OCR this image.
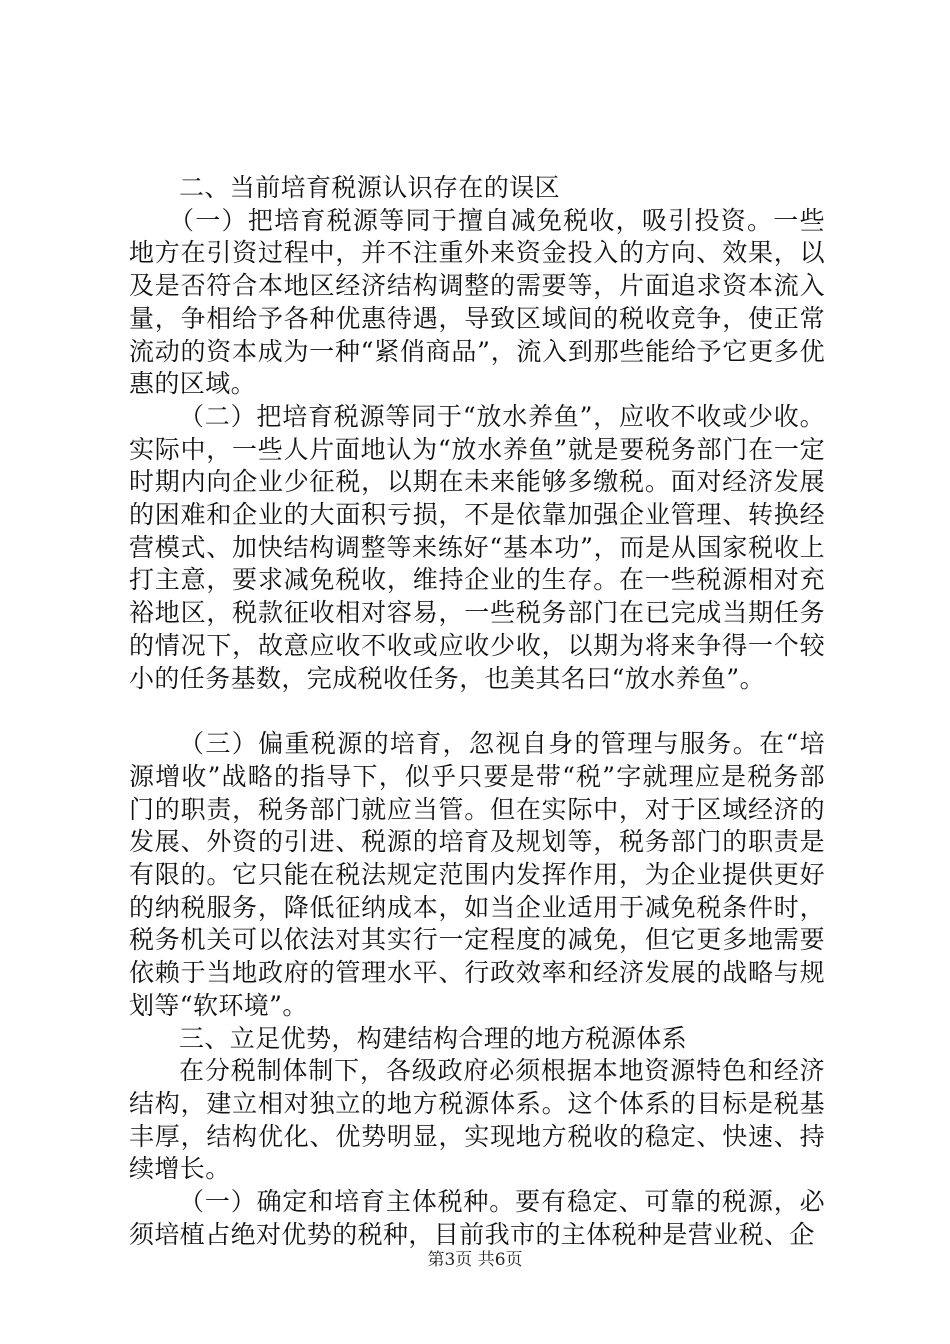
二、当前培育税源认识存在的误区

（一）把培育税源等同于擅自减免税收，吸引投资。一些地方在引资过程中，并不注重外来资金投入的方向、效果，以及是否符合本地区经济结构调整的需要等，片面追求资本流入量，争相给予各种优惠待遇，导致区域间的税收竞争，使正常流动的资本成为一种“紧俏商品”，流入到那些能给予它更多优惠的区域。

（二）把培育税源等同于“放水养鱼”，应收不收或少收。实际中，一些人片面地认为“放水养鱼”就是要税务部门在一定时期内向企业少征税，以期在未来能够多缴税。面对经济发展的困难和企业的大面积亏损，不是依靠加强企业管理、转换经营模式、加快结构调整等来练好“基本功”，而是从国家税收上打主意，要求减免税收，维持企业的生存。在一些税源相对充裕地区，税款征收相对容易，一些税务部门在已完成当期任务的情况下，故意应收不收或应收少收，以期为将来争得一个较小的任务基数，完成税收任务，也美其名曰“放水养鱼”。

（三）偏重税源的培育，忽视自身的管理与服务。在“培源增收”战略的指导下，似乎只要是带“税”字就理应是税务部门的职责，税务部门就应当管。但在实际中，对于区域经济的发展、外资的引进、税源的培育及规划等，税务部门的职责是有限的。它只能在税法规定范围内发挥作用，为企业提供更好的纳税服务，降低征纳成本，如当企业适用于减免税条件时，税务机关可以依法对其实行一定程度的减免，但它更多地需要依赖于当地政府的管理水平、行政效率和经济发展的战略与规划等“软环境”。

三、立足优势，构建结构合理的地方税源体系

在分税制体制下，各级政府必须根据本地资源特色和经济结构，建立相对独立的地方税源体系。这个体系的目标是税基丰厚，结构优化、优势明显，实现地方税收的稳定、快速、持续增长。

（一）确定和培育主体税种。要有稳定、可靠的税源，必须培植占绝对优势的税种，目前我市的主体税种是营业税、企

第3页 共6页
